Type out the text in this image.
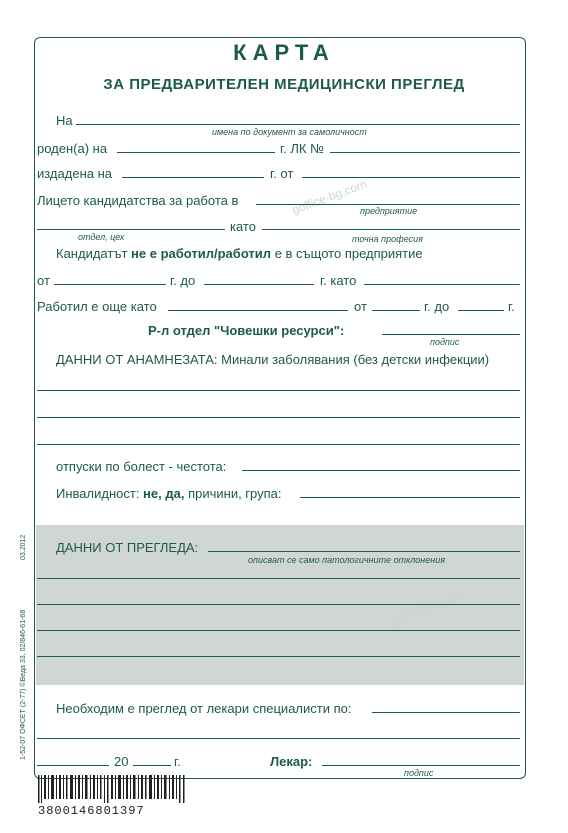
goffice-bg.com
goffice-bg.com
КАРТА
ЗА ПРЕДВАРИТЕЛЕН МЕДИЦИНСКИ ПРЕГЛЕД
На
имена по документ за самоличност
роден(а) на	г. ЛК №
издадена на	г. от
Лицето кандидатства за работа в
предприятие
като
отдел, цех	точна професия
Кандидатът не е работил/работил е в същото предприятие
от	г. до	г. като
Работил е още като	от	г. до	г.
Р-л отдел "Човешки ресурси":
подпис
ДАННИ ОТ АНАМНЕЗАТА: Минали заболявания (без детски инфекции)
отпуски по болест - честота:
Инвалидност: не, да, причини, група:
ДАННИ ОТ ПРЕГЛЕДА:
описват се само патологичните отклонения
Необходим е преглед от лекари специалисти по:
20	г.	Лекар:
подпис
03.2012
1-52-07 ОФСЕТ (2-77) ©Веда 33, 02/846-61-68
3800146801397
